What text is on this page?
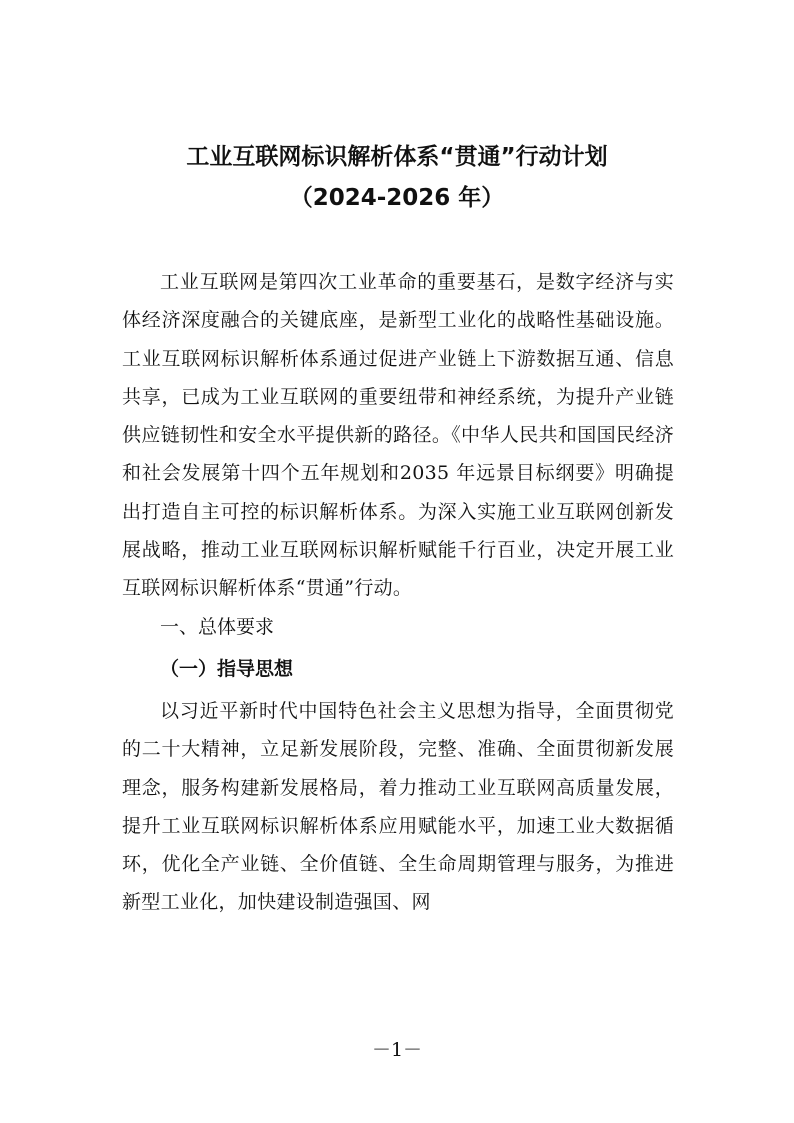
工业互联网标识解析体系“贯通”行动计划
（2024-2026 年）

工业互联网是第四次工业革命的重要基石，是数字经济与实体经济深度融合的关键底座，是新型工业化的战略性基础设施。工业互联网标识解析体系通过促进产业链上下游数据互通、信息共享，已成为工业互联网的重要纽带和神经系统，为提升产业链供应链韧性和安全水平提供新的路径。《中华人民共和国国民经济和社会发展第十四个五年规划和2035 年远景目标纲要》明确提出打造自主可控的标识解析体系。为深入实施工业互联网创新发展战略，推动工业互联网标识解析赋能千行百业，决定开展工业互联网标识解析体系“贯通”行动。

一、总体要求

（一）指导思想

以习近平新时代中国特色社会主义思想为指导，全面贯彻党的二十大精神，立足新发展阶段，完整、准确、全面贯彻新发展理念，服务构建新发展格局，着力推动工业互联网高质量发展，提升工业互联网标识解析体系应用赋能水平，加速工业大数据循环，优化全产业链、全价值链、全生命周期管理与服务，为推进新型工业化，加快建设制造强国、网

－1－
